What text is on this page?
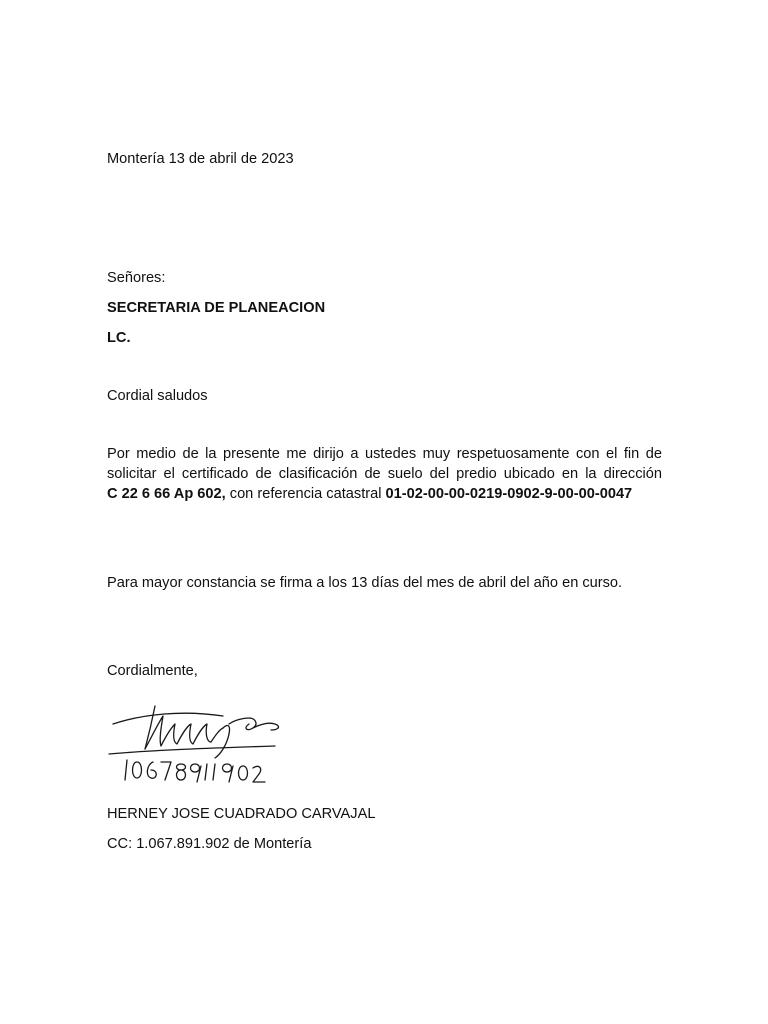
Montería 13 de abril de 2023
Señores:
SECRETARIA DE PLANEACION
LC.
Cordial saludos
Por medio de la presente me dirijo a ustedes muy respetuosamente con el fin de
solicitar el certificado de clasificación de suelo del predio ubicado en la dirección
C 22 6 66 Ap 602, con referencia catastral 01-02-00-00-0219-0902-9-00-00-0047
Para mayor constancia se firma a los 13 días del mes de abril del año en curso.
Cordialmente,
HERNEY JOSE CUADRADO CARVAJAL
CC: 1.067.891.902 de Montería
